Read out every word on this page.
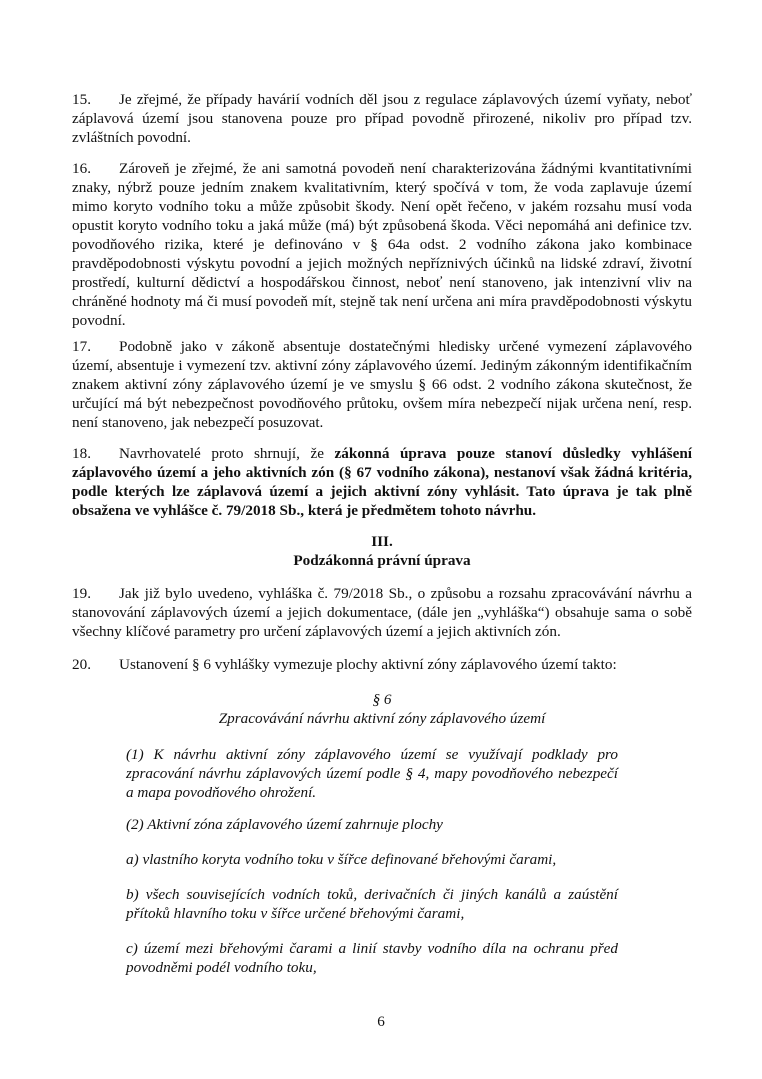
15. Je zřejmé, že případy havárií vodních děl jsou z regulace záplavových území vyňaty, neboť záplavová území jsou stanovena pouze pro případ povodně přirozené, nikoliv pro případ tzv. zvláštních povodní.
16. Zároveň je zřejmé, že ani samotná povodeň není charakterizována žádnými kvantitativními znaky, nýbrž pouze jedním znakem kvalitativním, který spočívá v tom, že voda zaplavuje území mimo koryto vodního toku a může způsobit škody. Není opět řečeno, v jakém rozsahu musí voda opustit koryto vodního toku a jaká může (má) být způsobená škoda. Věci nepomáhá ani definice tzv. povodňového rizika, které je definováno v § 64a odst. 2 vodního zákona jako kombinace pravděpodobnosti výskytu povodní a jejich možných nepříznivých účinků na lidské zdraví, životní prostředí, kulturní dědictví a hospodářskou činnost, neboť není stanoveno, jak intenzivní vliv na chráněné hodnoty má či musí povodeň mít, stejně tak není určena ani míra pravděpodobnosti výskytu povodní.
17. Podobně jako v zákoně absentuje dostatečnými hledisky určené vymezení záplavového území, absentuje i vymezení tzv. aktivní zóny záplavového území. Jediným zákonným identifikačním znakem aktivní zóny záplavového území je ve smyslu § 66 odst. 2 vodního zákona skutečnost, že určující má být nebezpečnost povodňového průtoku, ovšem míra nebezpečí nijak určena není, resp. není stanoveno, jak nebezpečí posuzovat.
18. Navrhovatelé proto shrnují, že zákonná úprava pouze stanoví důsledky vyhlášení záplavového území a jeho aktivních zón (§ 67 vodního zákona), nestanoví však žádná kritéria, podle kterých lze záplavová území a jejich aktivní zóny vyhlásit. Tato úprava je tak plně obsažena ve vyhlášce č. 79/2018 Sb., která je předmětem tohoto návrhu.
III.
Podzákonná právní úprava
19. Jak již bylo uvedeno, vyhláška č. 79/2018 Sb., o způsobu a rozsahu zpracovávání návrhu a stanovování záplavových území a jejich dokumentace, (dále jen „vyhláška“) obsahuje sama o sobě všechny klíčové parametry pro určení záplavových území a jejich aktivních zón.
20. Ustanovení § 6 vyhlášky vymezuje plochy aktivní zóny záplavového území takto:
§ 6
Zpracovávání návrhu aktivní zóny záplavového území
(1) K návrhu aktivní zóny záplavového území se využívají podklady pro zpracování návrhu záplavových území podle § 4, mapy povodňového nebezpečí a mapa povodňového ohrožení.
(2) Aktivní zóna záplavového území zahrnuje plochy
a) vlastního koryta vodního toku v šířce definované břehovými čarami,
b) všech souvisejících vodních toků, derivačních či jiných kanálů a zaústění přítoků hlavního toku v šířce určené břehovými čarami,
c) území mezi břehovými čarami a linií stavby vodního díla na ochranu před povodněmi podél vodního toku,
6
